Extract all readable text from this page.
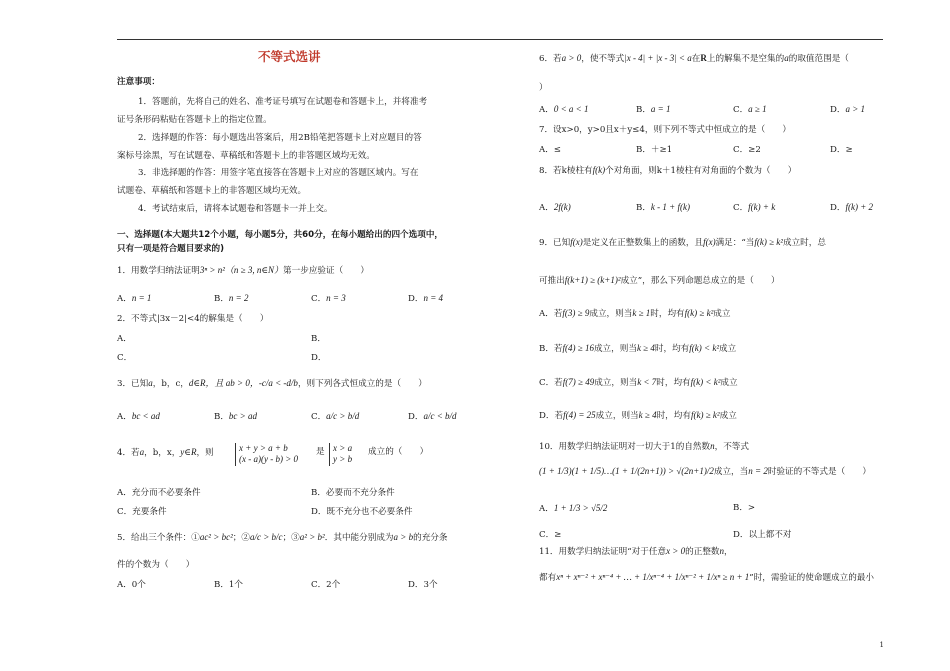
不等式选讲
注意事项：
1．答题前，先将自己的姓名、准考证号填写在试题卷和答题卡上，并将准考
证号条形码粘贴在答题卡上的指定位置。
2．选择题的作答：每小题选出答案后，用2B铅笔把答题卡上对应题目的答
案标号涂黑，写在试题卷、草稿纸和答题卡上的非答题区域均无效。
3．非选择题的作答：用签字笔直接答在答题卡上对应的答题区域内。写在
试题卷、草稿纸和答题卡上的非答题区域均无效。
4．考试结束后，请将本试题卷和答题卡一并上交。
一、选择题(本大题共12个小题，每小题5分，共60分，在每小题给出的四个选项中，
只有一项是符合题目要求的)
1．用数学归纳法证明3ⁿ > n²（n ≥ 3, n∈N）第一步应验证（　　）
A．n = 1	B．n = 2	C．n = 3	D．n = 4
2．不等式|3x－2|<4的解集是（　　）
A．	B．
C．	D．
3．已知a，b，c，d∈R，且 ab > 0，-c/a < -d/b，则下列各式恒成立的是（　　）
A．bc < ad	B．bc > ad	C．a/c > b/d	D．a/c < b/d
4．若a，b，x，y∈R，则	x + y > a + b
(x - a)(y - b) > 0
是 x > a
y > b
成立的（　　）
A．充分而不必要条件	B．必要而不充分条件
C．充要条件	D．既不充分也不必要条件
5．给出三个条件：①ac² > bc²；②a/c > b/c；③a² > b²．其中能分别成为a > b的充分条
件的个数为（　　）
A．0个	B．1个	C．2个	D．3个
6．若a > 0，使不等式|x - 4| + |x - 3| < a在R上的解集不是空集的a的取值范围是（
）
A．0 < a < 1	B．a = 1	C．a ≥ 1	D．a > 1
7．设x>0，y>0且x＋y≤4，则下列不等式中恒成立的是（　　）
A．≤	B．＋≥1	C．≥2	D．≥
8．若k棱柱有f(k)个对角面，则k＋1棱柱有对角面的个数为（　　）
A．2f(k)	B．k - 1 + f(k)	C．f(k) + k	D．f(k) + 2
9．已知f(x)是定义在正整数集上的函数，且f(x)满足：“当f(k) ≥ k²成立时，总
可推出f(k+1) ≥ (k+1)²成立”，那么下列命题总成立的是（　　）
A．若f(3) ≥ 9成立，则当k ≥ 1时，均有f(k) ≥ k²成立
B．若f(4) ≥ 16成立，则当k ≥ 4时，均有f(k) < k²成立
C．若f(7) ≥ 49成立，则当k < 7时，均有f(k) < k²成立
D．若f(4) = 25成立，则当k ≥ 4时，均有f(k) ≥ k²成立
10．用数学归纳法证明对一切大于1的自然数n，不等式
(1 + 1/3)(1 + 1/5)…(1 + 1/(2n+1)) > √(2n+1)/2成立，当n = 2时验证的不等式是（　　）
A．1 + 1/3 > √5/2	B．>
C．≥	D．以上都不对
11．用数学归纳法证明“对于任意x > 0的正整数n，
都有xⁿ + xⁿ⁻² + xⁿ⁻⁴ + … + 1/xⁿ⁻⁴ + 1/xⁿ⁻² + 1/xⁿ ≥ n + 1”时，需验证的使命题成立的最小
1
